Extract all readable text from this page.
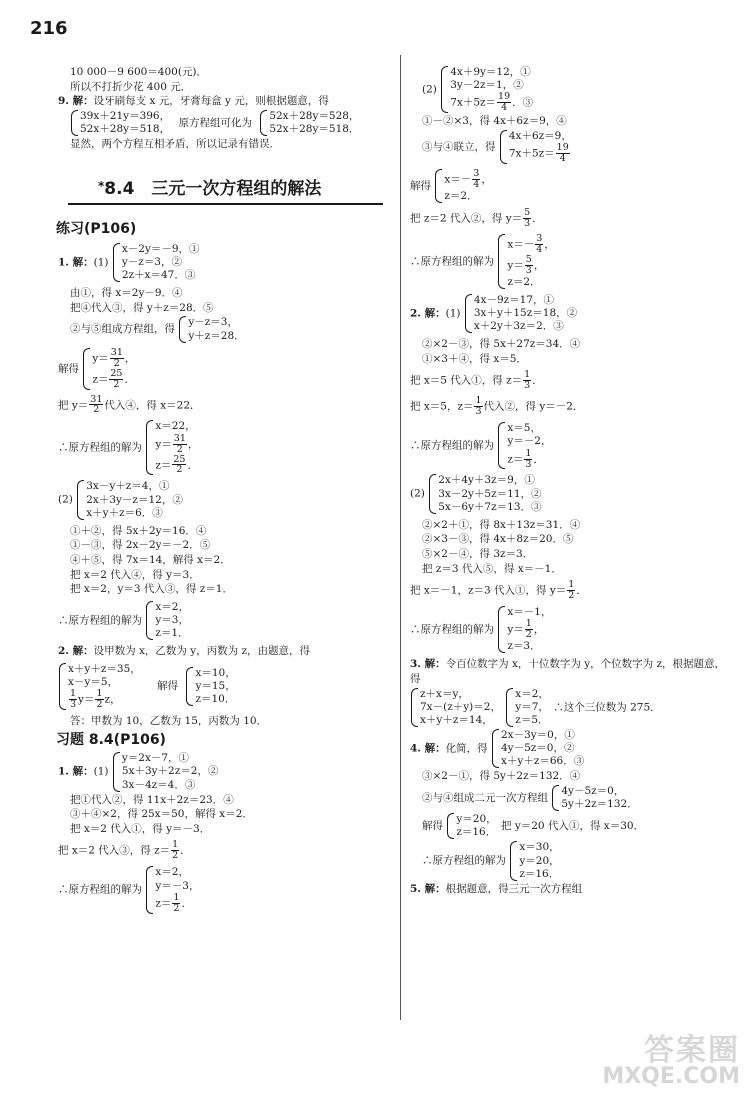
216
10 000－9 600＝400(元)．
所以不打折少花 400 元．
9. 解：设牙刷每支 x 元，牙膏每盒 y 元，则根据题意，得
39x＋21y＝396，
52x＋28y＝518， 原方程组可化为
52x＋28y＝528，
52x＋28y＝518．
显然，两个方程互相矛盾，所以记录有错误．
*8.4　三元一次方程组的解法
练习(P106)
1. 解：(1)
x－2y＝－9，①
y－z＝3，②
2z＋x＝47．③
由①，得 x＝2y－9．④
把④代入③，得 y＋z＝28．⑤
②与⑤组成方程组，得
y－z＝3，
y＋z＝28．
解得
$y= \frac{31}{2}$ ，
$z= \frac{25}{2}$ ．
把 $y= \frac{31}{2}$ 代入④，得 x＝22．
∴原方程组的解为
x＝22，
$y= \frac{31}{2}$ ，
$z= \frac{25}{2}$ ．
(2)
3x－y＋z＝4，①
2x＋3y－z＝12，②
x＋y＋z＝6．③
①＋②，得 5x＋2y＝16．④
①－③，得 2x－2y＝－2．⑤
④＋⑤，得 7x＝14，解得 x＝2．
把 x＝2 代入④，得 y＝3．
把 x＝2，y＝3 代入③，得 z＝1．
∴原方程组的解为
x＝2，
y＝3，
z＝1．
2. 解：设甲数为 x，乙数为 y，丙数为 z，由题意，得
x＋y＋z＝35，
x－y＝5，
$\frac{1}{3} y= \frac{1}{2}$ z，
解得
x＝10，
y＝15，
z＝10．
答：甲数为 10，乙数为 15，丙数为 10．
习题 8.4(P106)
1. 解：(1)
y＝2x－7，①
5x＋3y＋2z＝2，②
3x－4z＝4．③
把①代入②，得 11x＋2z＝23．④
③＋④×2，得 25x＝50，解得 x＝2．
把 x＝2 代入①，得 y＝－3．
把 x＝2 代入③，得 $z= \frac{1}{2}$ ．
∴原方程组的解为
x＝2，
y＝－3，
$z= \frac{1}{2}$ ．
(2)
4x＋9y＝12，①
3y－2z＝1，②
$7x+5z= \frac{19}{4}$ ．③
①－②×3，得 4x＋6z＝9，④
③与④联立，得
4x＋6z＝9，
$7x+5z= \frac{19}{4}$
解得
$x=- \frac{3}{4}$ ，
z＝2．
把 z＝2 代入②，得 $y= \frac{5}{3}$ ．
∴原方程组的解为
$x=- \frac{3}{4}$ ，
$y= \frac{5}{3}$ ，
z＝2．
2. 解：(1)
4x－9z＝17，①
3x＋y＋15z＝18，②
x＋2y＋3z＝2．③
②×2－③，得 5x＋27z＝34．④
①×3＋④，得 x＝5．
把 x＝5 代入①，得 $z= \frac{1}{3}$ ．
把 x＝5，$z= \frac{1}{3}$ 代入②，得 y＝－2．
∴原方程组的解为
x＝5，
y＝－2，
$z= \frac{1}{3}$ ．
(2)
2x＋4y＋3z＝9，①
3x－2y＋5z＝11，②
5x－6y＋7z＝13．③
②×2＋①，得 8x＋13z＝31．④
②×3－③，得 4x＋8z＝20．⑤
⑤×2－④，得 3z＝3．
把 z＝3 代入⑤，得 x＝－1．
把 x＝－1，z＝3 代入①，得 $y= \frac{1}{2}$ ．
∴原方程组的解为
x＝－1，
$y= \frac{1}{2}$ ，
z＝3．
3. 解：令百位数字为 x，十位数字为 y，个位数字为 z，根据题意，
得
z＋x＝y，
7x－(z＋y)＝2，
x＋y＋z＝14，

x＝2，
y＝7，
z＝5．
∴这个三位数为 275．
4. 解：化简，得
2x－3y＝0，①
4y－5z＝0，②
x＋y＋z＝66．③
③×2－①，得 5y＋2z＝132．④
②与④组成二元一次方程组
4y－5z＝0，
5y＋2z＝132．
解得
y＝20，
z＝16． 把 y＝20 代入①，得 x＝30．
∴原方程组的解为
x＝30，
y＝20，
z＝16．
5. 解：根据题意，得三元一次方程组
答案圈
MXQE.COM
